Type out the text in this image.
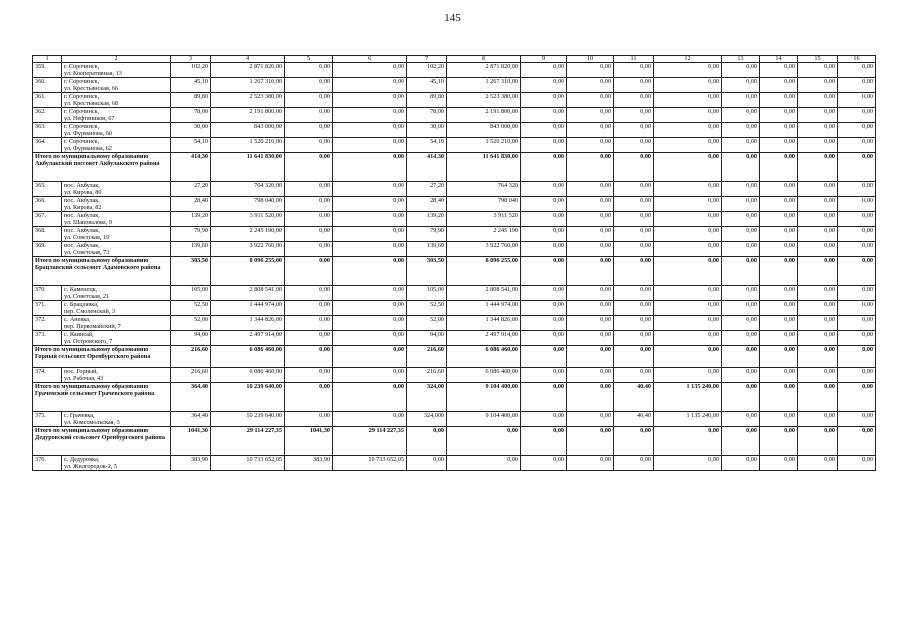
145
1	2	3	4	5	6	7	8	9	10	11	12	13	14	15	16
359.	г. Сорочинск,
ул. Кооперативная, 13	102,20	2 871 820,00	0,00	0,00	102,20	2 871 820,00	0,00	0,00	0,00	0,00	0,00	0,00	0,00	0,00
360.	г. Сорочинск,
ул. Крестьянская, 66	45,10	1 267 310,00	0,00	0,00	45,10	1 267 310,00	0,00	0,00	0,00	0,00	0,00	0,00	0,00	0,00
361.	г. Сорочинск,
ул. Крестьянская, 68	89,80	2 523 380,00	0,00	0,00	89,80	2 523 380,00	0,00	0,00	0,00	0,00	0,00	0,00	0,00	0,00
362.	г. Сорочинск,
ул. Нефтяников, 67	78,00	2 191 800,00	0,00	0,00	78,00	2 191 800,00	0,00	0,00	0,00	0,00	0,00	0,00	0,00	0,00
363.	г. Сорочинск,
ул. Фурманова, 60	30,00	843 000,00	0,00	0,00	30,00	843 000,00	0,00	0,00	0,00	0,00	0,00	0,00	0,00	0,00
364.	г. Сорочинск,
ул. Фурманова, 62	54,10	1 520 210,00	0,00	0,00	54,10	1 520 210,00	0,00	0,00	0,00	0,00	0,00	0,00	0,00	0,00
Итого по муниципальному образованию Акбулакский поссовет Акбулакского района		414,30	11 641 830,00	0,00	0,00	414,30	11 641 830,00	0,00	0,00	0,00	0,00	0,00	0,00	0,00	0,00
365.	пос. Акбулак,
ул. Кирова, 80	27,20	764 320,00	0,00	0,00	27,20	764 320	0,00	0,00	0,00	0,00	0,00	0,00	0,00	0,00
366.	пос. Акбулак,
ул. Кирова, 82	28,40	798 040,00	0,00	0,00	28,40	798 040	0,00	0,00	0,00	0,00	0,00	0,00	0,00	0,00
367.	пос. Акбулак,
ул. Шаповалова, 9	139,20	3 911 520,00	0,00	0,00	139,20	3 911 520	0,00	0,00	0,00	0,00	0,00	0,00	0,00	0,00
368.	пос. Акбулак,
ул. Советская, 19	79,90	2 245 190,00	0,00	0,00	79,90	2 245 190	0,00	0,00	0,00	0,00	0,00	0,00	0,00	0,00
369.	пос. Акбулак,
ул. Советская, 73	139,60	3 922 760,00	0,00	0,00	139,60	3 922 760,00	0,00	0,00	0,00	0,00	0,00	0,00	0,00	0,00
Итого по муниципальному образованию Брацлавский сельсовет Адамовского района		303,50	8 096 255,00	0,00	0,00	303,50	8 096 255,00	0,00	0,00	0,00	0,00	0,00	0,00	0,00	0,00
370.	с. Каменецк,
ул. Советская, 21	105,00	2 808 541,00	0,00	0,00	105,00	2 808 541,00	0,00	0,00	0,00	0,00	0,00	0,00	0,00	0,00
371.	с. Брацлавка,
пер. Смоленский, 3	52,50	1 444 974,00	0,00	0,00	52,50	1 444 974,00	0,00	0,00	0,00	0,00	0,00	0,00	0,00	0,00
372.	с. Аневка,
пер. Первомайский, 7	52,00	1 344 826,00	0,00	0,00	52,00	1 344 826,00	0,00	0,00	0,00	0,00	0,00	0,00	0,00	0,00
373.	с. Каинсай,
ул. Островского, 7	94,00	2 497 914,00	0,00	0,00	94,00	2 497 914,00	0,00	0,00	0,00	0,00	0,00	0,00	0,00	0,00
Итого по муниципальному образованию Горный сельсовет Оренбургского района		216,60	6 086 460,00	0,00	0,00	216,60	6 086 460,00	0,00	0,00	0,00	0,00	0,00	0,00	0,00	0,00
374.	пос. Горный,
ул. Рабочая, 43	216,60	6 086 460,00	0,00	0,00	216,60	6 086 460,00	0,00	0,00	0,00	0,00	0,00	0,00	0,00	0,00
Итого по муниципальному образованию Граченский сельсовет Грачевского района		364,40	10 239 640,00	0,00	0,00	324,00	9 104 400,00	0,00	0,00	40,40	1 135 240,00	0,00	0,00	0,00	0,00
375.	с. Грачевка,
ул. Комсомольская, 3	364,40	10 239 640,00	0,00	0,00	324,000	9 104 400,00	0,00	0,00	40,40	1 135 240,00	0,00	0,00	0,00	0,00
Итого по муниципальному образованию Дедуровский сельсовет Оренбургского района		1041,30	29 114 227,35	1041,30	29 114 227,35	0,00	0,00	0,00	0,00	0,00	0,00	0,00	0,00	0,00	0,00
376.	с. Дедуровка,
ул. Жилгородок-2, 5	383,90	10 733 652,05	383,90	10 733 652,05	0,00	0,00	0,00	0,00	0,00	0,00	0,00	0,00	0,00	0,00
